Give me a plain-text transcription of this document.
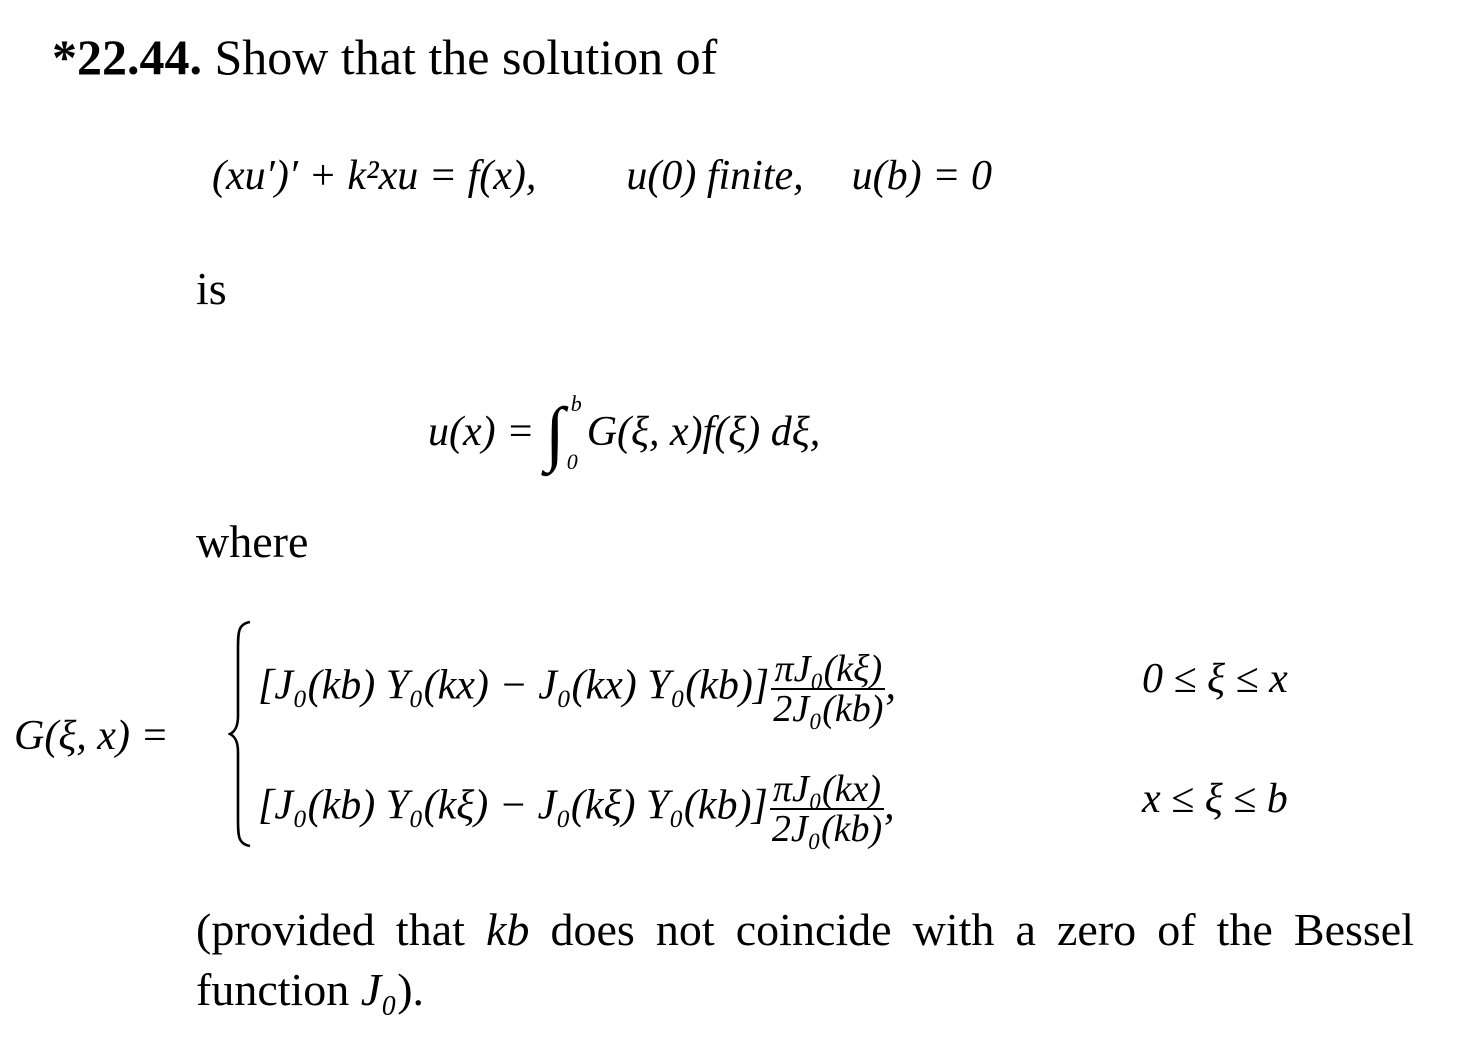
*22.44. Show that the solution of
(xu′)′ + k²xu = f(x), u(0) finite, u(b) = 0
is
u(x) = ∫ b
0
G(ξ, x)f(ξ) dξ,
where
G(ξ, x) =
[J₀(kb) Y₀(kx) − J₀(kx) $Y_0(kb)] \frac{\text{πJ₀(kξ)}}{\text{2J₀(kb)}}$ ,	0 ≤ ξ ≤ x
[J₀(kb) Y₀(kξ) − J₀(kξ) $Y_0(kb)] \frac{\text{πJ₀(kx)}}{\text{2J₀(kb)}}$ ,	x ≤ ξ ≤ b
(provided that kb does not coincide with a zero of the Bessel function J₀).
